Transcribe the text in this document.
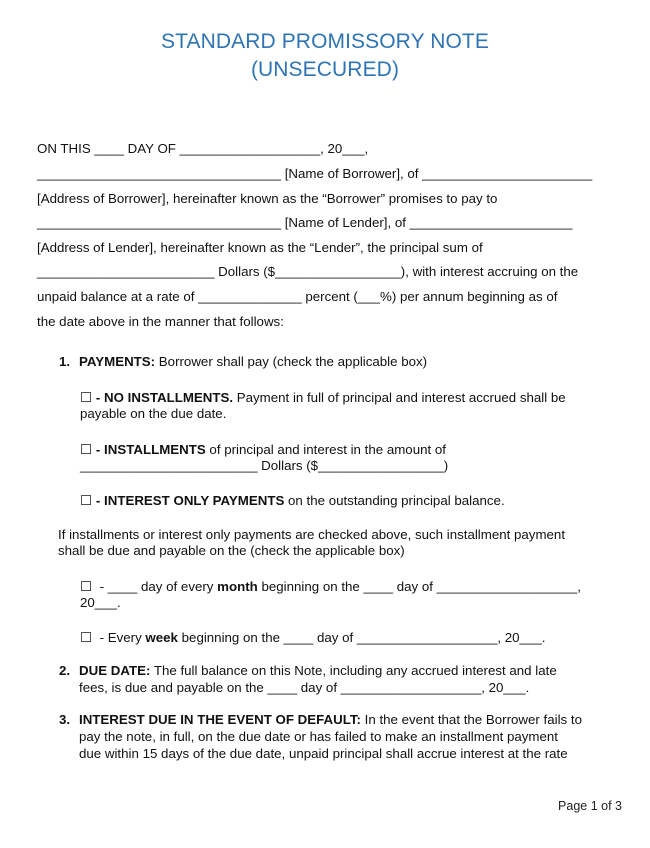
STANDARD PROMISSORY NOTE
(UNSECURED)
ON THIS ____ DAY OF ___________________, 20___,
_________________________________ [Name of Borrower], of _______________________
[Address of Borrower], hereinafter known as the “Borrower” promises to pay to
_________________________________ [Name of Lender], of ______________________
[Address of Lender], hereinafter known as the “Lender”, the principal sum of
________________________ Dollars ($_________________), with interest accruing on the
unpaid balance at a rate of ______________ percent (___%) per annum beginning as of
the date above in the manner that follows:
1. PAYMENTS: Borrower shall pay (check the applicable box)
☐ - NO INSTALLMENTS. Payment in full of principal and interest accrued shall be
payable on the due date.
☐ - INSTALLMENTS of principal and interest in the amount of
________________________ Dollars ($_________________)
☐ - INTEREST ONLY PAYMENTS on the outstanding principal balance.
If installments or interest only payments are checked above, such installment payment
shall be due and payable on the (check the applicable box)
☐ - ____ day of every month beginning on the ____ day of ___________________,
20___.
☐ - Every week beginning on the ____ day of ___________________, 20___.
2. DUE DATE: The full balance on this Note, including any accrued interest and late
fees, is due and payable on the ____ day of ___________________, 20___.
3. INTEREST DUE IN THE EVENT OF DEFAULT: In the event that the Borrower fails to
pay the note, in full, on the due date or has failed to make an installment payment
due within 15 days of the due date, unpaid principal shall accrue interest at the rate
Page 1 of 3
